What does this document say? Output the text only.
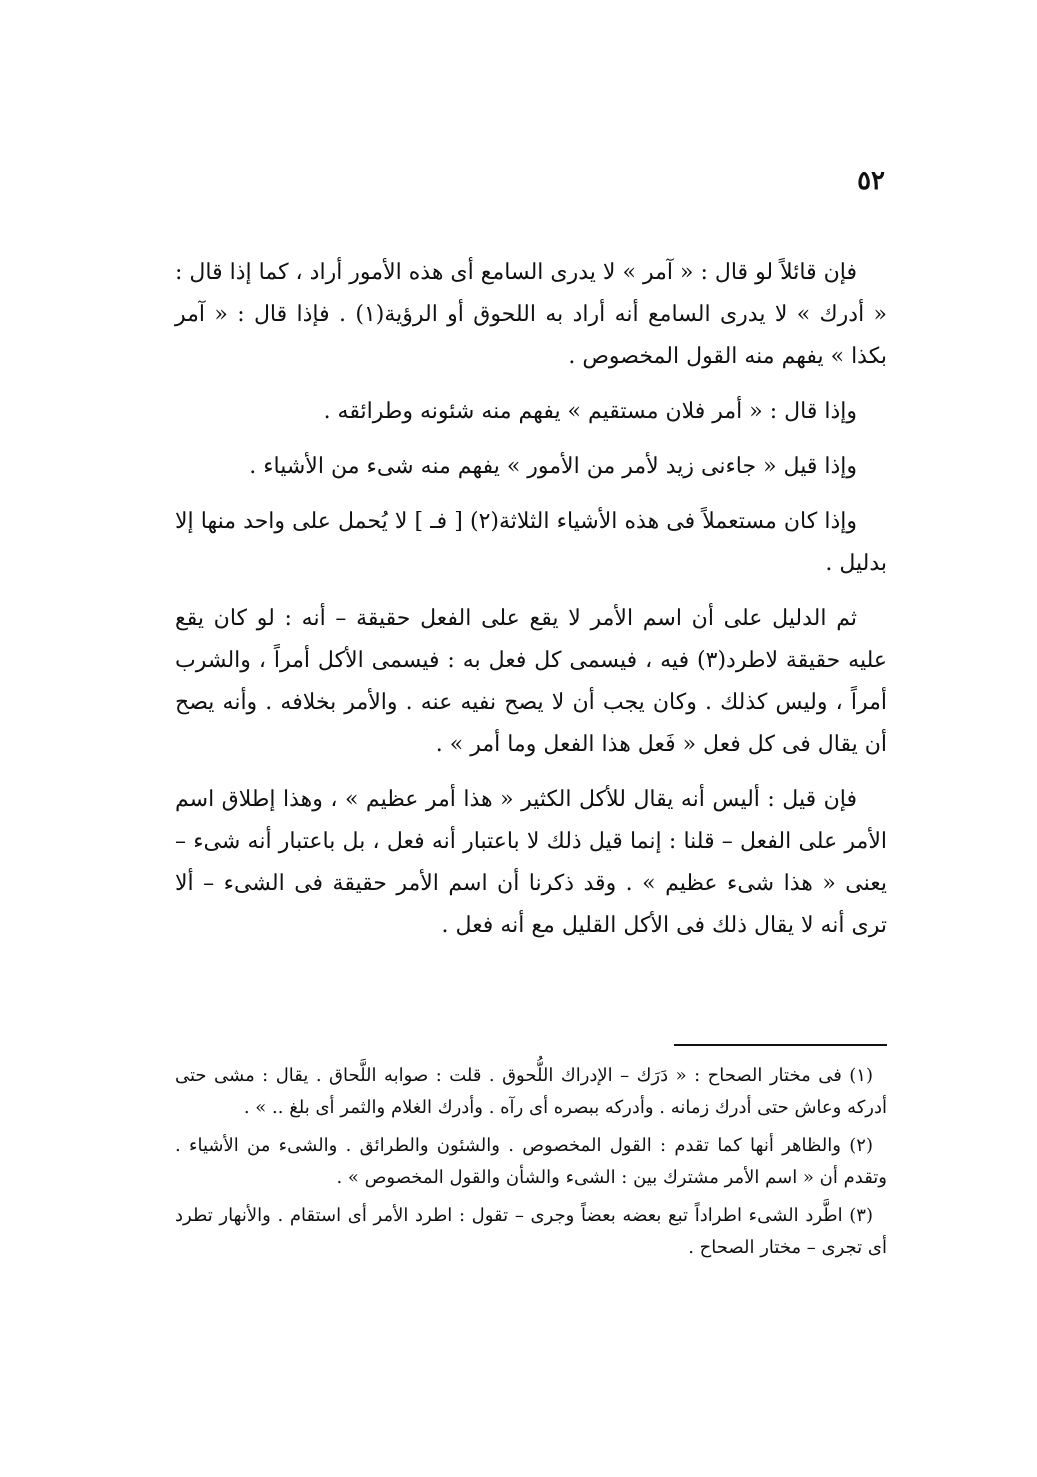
٥٢

فإن قائلاً لو قال : « آمر » لا يدرى السامع أى هذه الأمور أراد ، كما إذا قال : « أدرك » لا يدرى السامع أنه أراد به اللحوق أو الرؤية(١) . فإذا قال : « آمر بكذا » يفهم منه القول المخصوص .

وإذا قال : « أمر فلان مستقيم » يفهم منه شئونه وطرائقه .

وإذا قيل « جاءنى زيد لأمر من الأمور » يفهم منه شىء من الأشياء .

وإذا كان مستعملاً فى هذه الأشياء الثلاثة(٢) [ فـ ] لا يُحمل على واحد منها إلا بدليل .

ثم الدليل على أن اسم الأمر لا يقع على الفعل حقيقة – أنه : لو كان يقع عليه حقيقة لاطرد(٣) فيه ، فيسمى كل فعل به : فيسمى الأكل أمراً ، والشرب أمراً ، وليس كذلك . وكان يجب أن لا يصح نفيه عنه . والأمر بخلافه . وأنه يصح أن يقال فى كل فعل « فَعل هذا الفعل وما أمر » .

فإن قيل : أليس أنه يقال للأكل الكثير « هذا أمر عظيم » ، وهذا إطلاق اسم الأمر على الفعل – قلنا : إنما قيل ذلك لا باعتبار أنه فعل ، بل باعتبار أنه شىء – يعنى « هذا شىء عظيم » . وقد ذكرنا أن اسم الأمر حقيقة فى الشىء – ألا ترى أنه لا يقال ذلك فى الأكل القليل مع أنه فعل .

(١) فى مختار الصحاح : « دَرَك – الإدراك اللُّحوق . قلت : صوابه اللَّحاق . يقال : مشى حتى أدركه وعاش حتى أدرك زمانه . وأدركه ببصره أى رآه . وأدرك الغلام والثمر أى بلغ .. » .

(٢) والظاهر أنها كما تقدم : القول المخصوص . والشئون والطرائق . والشىء من الأشياء . وتقدم أن « اسم الأمر مشترك بين : الشىء والشأن والقول المخصوص » .

(٣) اطَّرد الشىء اطراداً تبع بعضه بعضاً وجرى – تقول : اطرد الأمر أى استقام . والأنهار تطرد أى تجرى – مختار الصحاح .
